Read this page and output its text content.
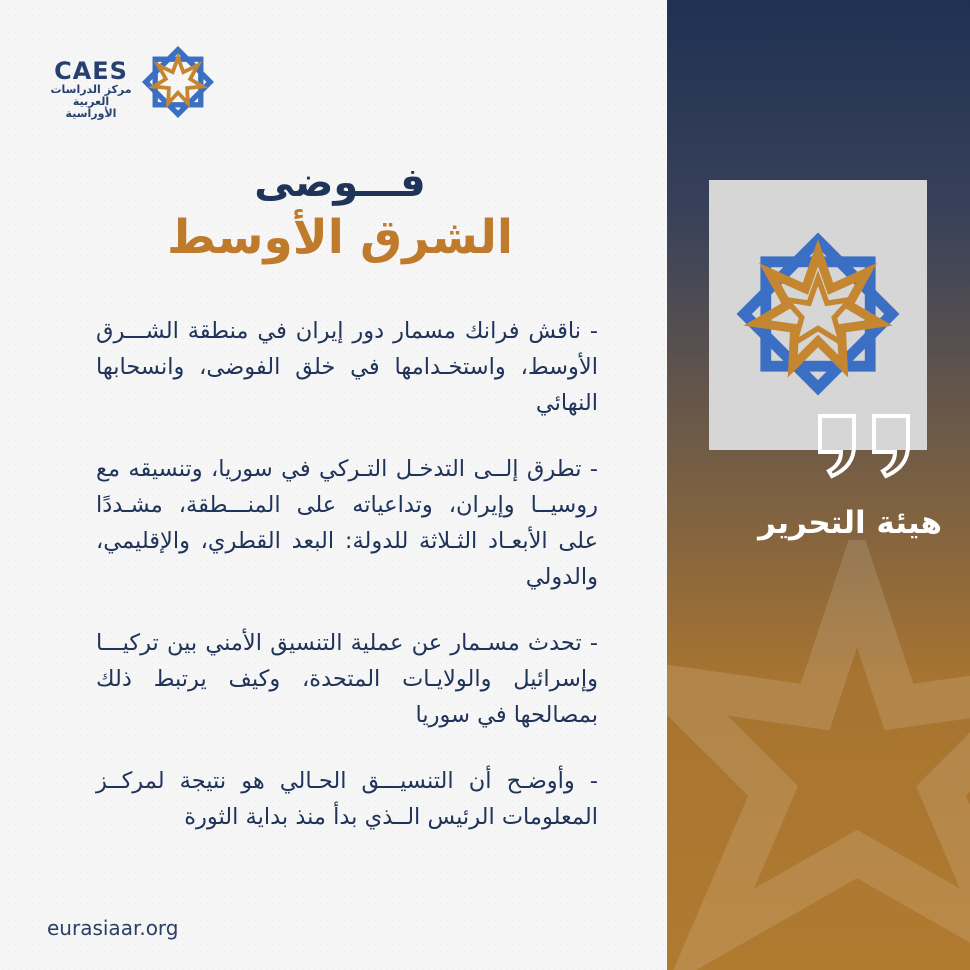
CAES
مركز الدراسات
العربية الأوراسية
فـــوضى
الشرق الأوسط

- ناقش فرانك مسمار دور إيران في منطقة الشـــرق الأوسط، واستخـدامها في خلق الفوضى، وانسحابها النهائي

- تطرق إلــى التدخـل التـركي في سوريا، وتنسيقه مع روسيــا وإيران، وتداعياته على المنـــطقة، مشـددًا على الأبعـاد الثـلاثة للدولة: البعد القطري، والإقليمي، والدولي

- تحدث مسـمار عن عملية التنسيق الأمني بين تركيـــا وإسرائيل والولايـات المتحدة، وكيف يرتبط ذلك بمصالحها في سوريا

- وأوضـح أن التنسيـــق الحـالي هو نتيجة لمركــز المعلومات الرئيس الــذي بدأ منذ بداية الثورة

eurasiaar.org
هيئة التحرير
